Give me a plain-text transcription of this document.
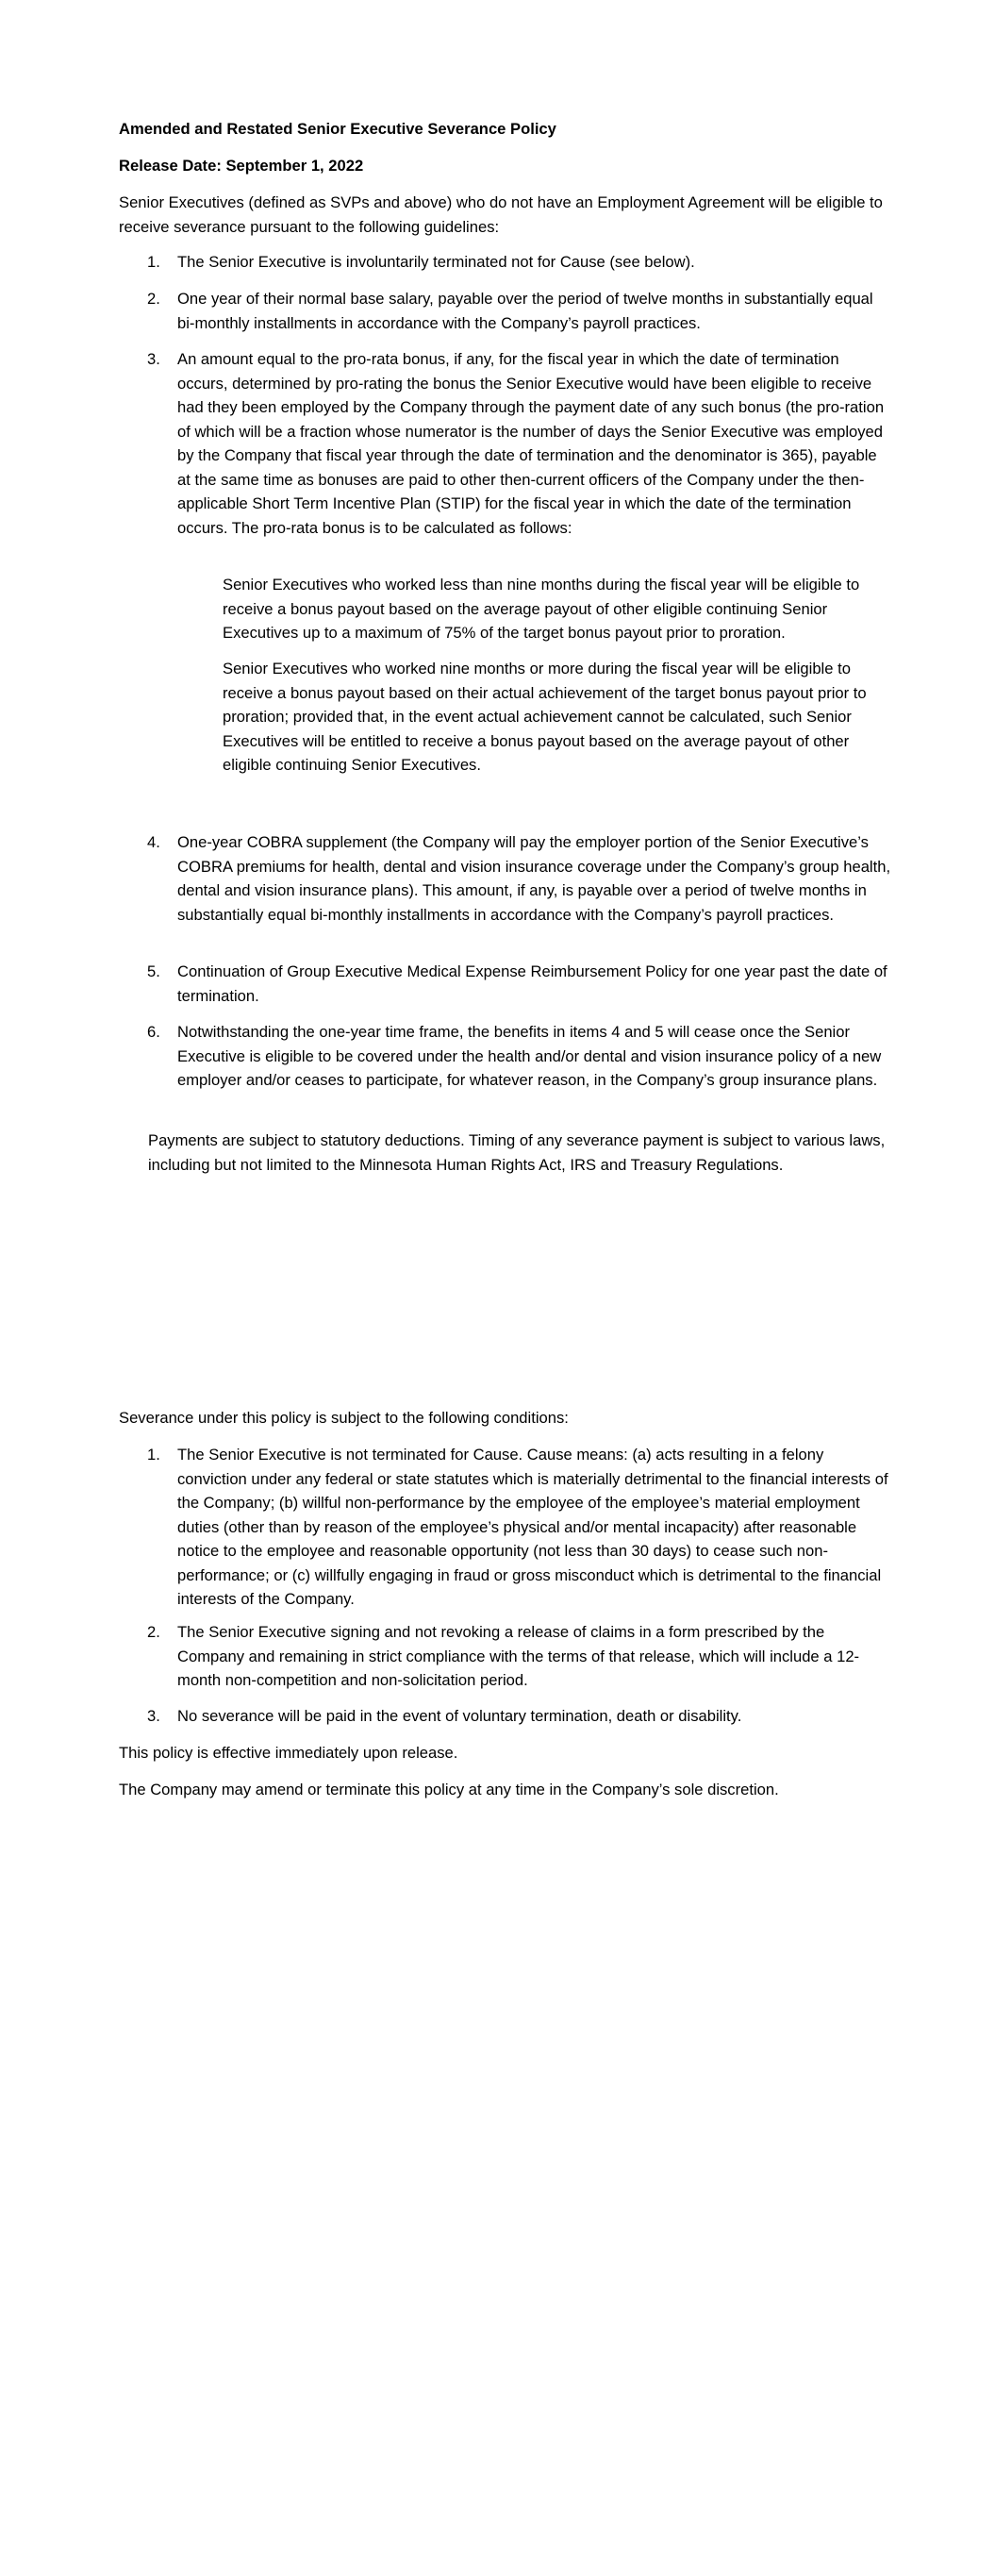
Amended and Restated Senior Executive Severance Policy

Release Date: September 1, 2022

Senior Executives (defined as SVPs and above) who do not have an Employment Agreement will be eligible to receive severance pursuant to the following guidelines:

1. The Senior Executive is involuntarily terminated not for Cause (see below).
2. One year of their normal base salary, payable over the period of twelve months in substantially equal bi-monthly installments in accordance with the Company’s payroll practices.
3. An amount equal to the pro-rata bonus, if any, for the fiscal year in which the date of termination occurs, determined by pro-rating the bonus the Senior Executive would have been eligible to receive had they been employed by the Company through the payment date of any such bonus (the pro-ration of which will be a fraction whose numerator is the number of days the Senior Executive was employed by the Company that fiscal year through the date of termination and the denominator is 365), payable at the same time as bonuses are paid to other then-current officers of the Company under the then-applicable Short Term Incentive Plan (STIP) for the fiscal year in which the date of the termination occurs. The pro-rata bonus is to be calculated as follows:

Senior Executives who worked less than nine months during the fiscal year will be eligible to receive a bonus payout based on the average payout of other eligible continuing Senior Executives up to a maximum of 75% of the target bonus payout prior to proration.

Senior Executives who worked nine months or more during the fiscal year will be eligible to receive a bonus payout based on their actual achievement of the target bonus payout prior to proration; provided that, in the event actual achievement cannot be calculated, such Senior Executives will be entitled to receive a bonus payout based on the average payout of other eligible continuing Senior Executives.

4. One-year COBRA supplement (the Company will pay the employer portion of the Senior Executive’s COBRA premiums for health, dental and vision insurance coverage under the Company’s group health, dental and vision insurance plans). This amount, if any, is payable over a period of twelve months in substantially equal bi-monthly installments in accordance with the Company’s payroll practices.
5. Continuation of Group Executive Medical Expense Reimbursement Policy for one year past the date of termination.
6. Notwithstanding the one-year time frame, the benefits in items 4 and 5 will cease once the Senior Executive is eligible to be covered under the health and/or dental and vision insurance policy of a new employer and/or ceases to participate, for whatever reason, in the Company’s group insurance plans.

Payments are subject to statutory deductions. Timing of any severance payment is subject to various laws, including but not limited to the Minnesota Human Rights Act, IRS and Treasury Regulations.

Severance under this policy is subject to the following conditions:

1. The Senior Executive is not terminated for Cause. Cause means: (a) acts resulting in a felony conviction under any federal or state statutes which is materially detrimental to the financial interests of the Company; (b) willful non-performance by the employee of the employee’s material employment duties (other than by reason of the employee’s physical and/or mental incapacity) after reasonable notice to the employee and reasonable opportunity (not less than 30 days) to cease such non-performance; or (c) willfully engaging in fraud or gross misconduct which is detrimental to the financial interests of the Company.
2. The Senior Executive signing and not revoking a release of claims in a form prescribed by the Company and remaining in strict compliance with the terms of that release, which will include a 12-month non-competition and non-solicitation period.
3. No severance will be paid in the event of voluntary termination, death or disability.

This policy is effective immediately upon release.

The Company may amend or terminate this policy at any time in the Company’s sole discretion.
